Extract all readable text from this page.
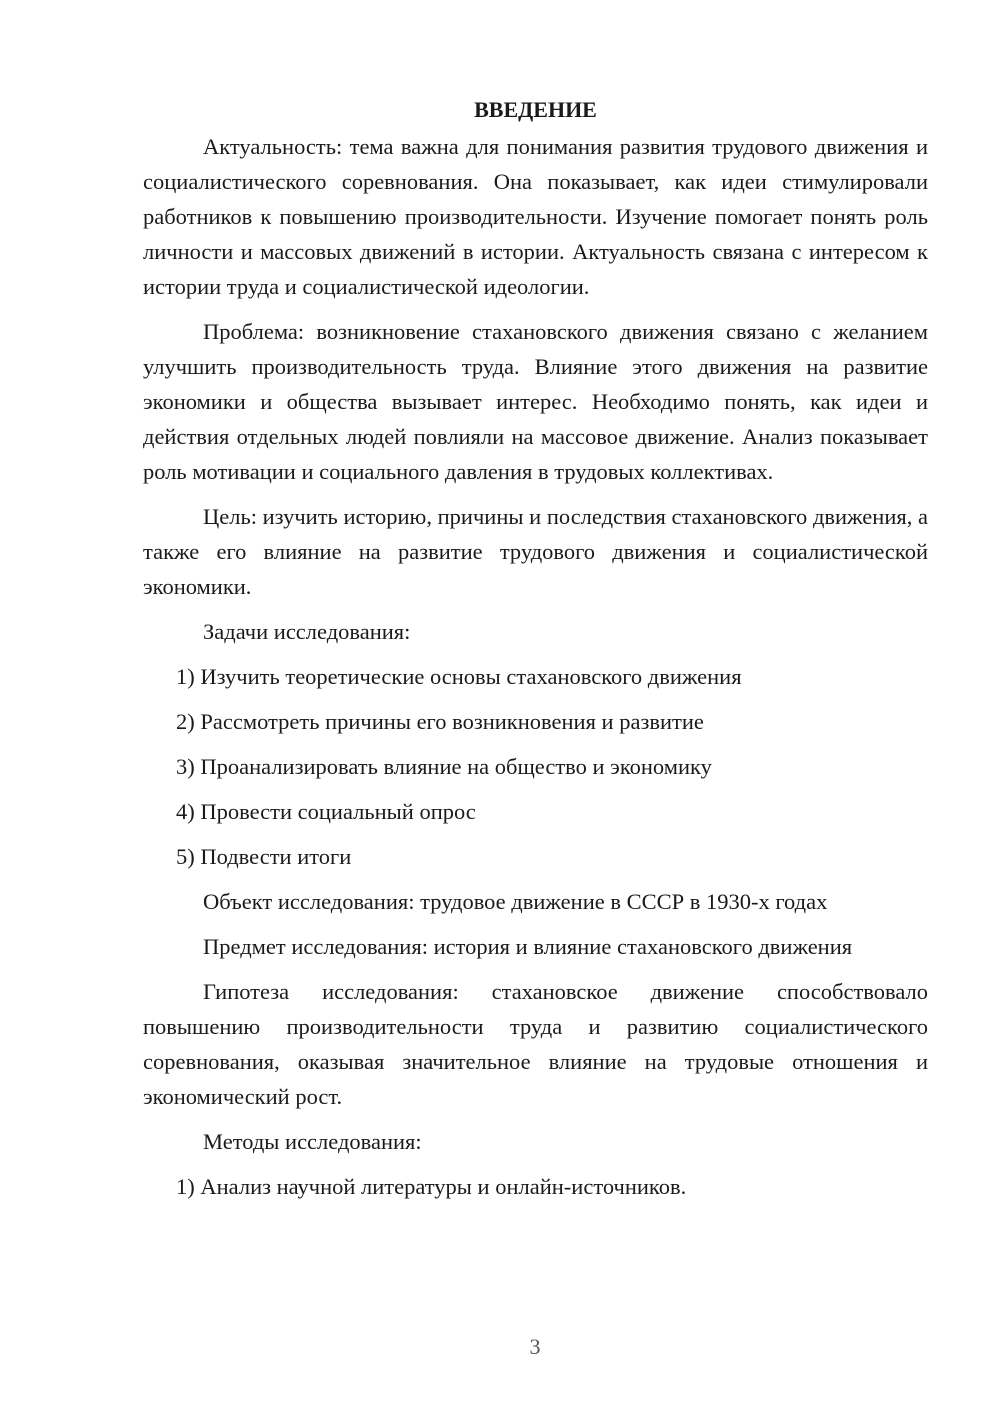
ВВЕДЕНИЕ

Актуальность: тема важна для понимания развития трудового движения и социалистического соревнования. Она показывает, как идеи стимулировали работников к повышению производительности. Изучение помогает понять роль личности и массовых движений в истории. Актуальность связана с интересом к истории труда и социалистической идеологии.

Проблема: возникновение стахановского движения связано с желанием улучшить производительность труда. Влияние этого движения на развитие экономики и общества вызывает интерес. Необходимо понять, как идеи и действия отдельных людей повлияли на массовое движение. Анализ показывает роль мотивации и социального давления в трудовых коллективах.

Цель: изучить историю, причины и последствия стахановского движения, а также его влияние на развитие трудового движения и социалистической экономики.

Задачи исследования:

1) Изучить теоретические основы стахановского движения

2) Рассмотреть причины его возникновения и развитие

3) Проанализировать влияние на общество и экономику

4) Провести социальный опрос

5) Подвести итоги

Объект исследования: трудовое движение в СССР в 1930-х годах

Предмет исследования: история и влияние стахановского движения

Гипотеза исследования: стахановское движение способствовало повышению производительности труда и развитию социалистического соревнования, оказывая значительное влияние на трудовые отношения и экономический рост.

Методы исследования:

1) Анализ научной литературы и онлайн-источников.

3
